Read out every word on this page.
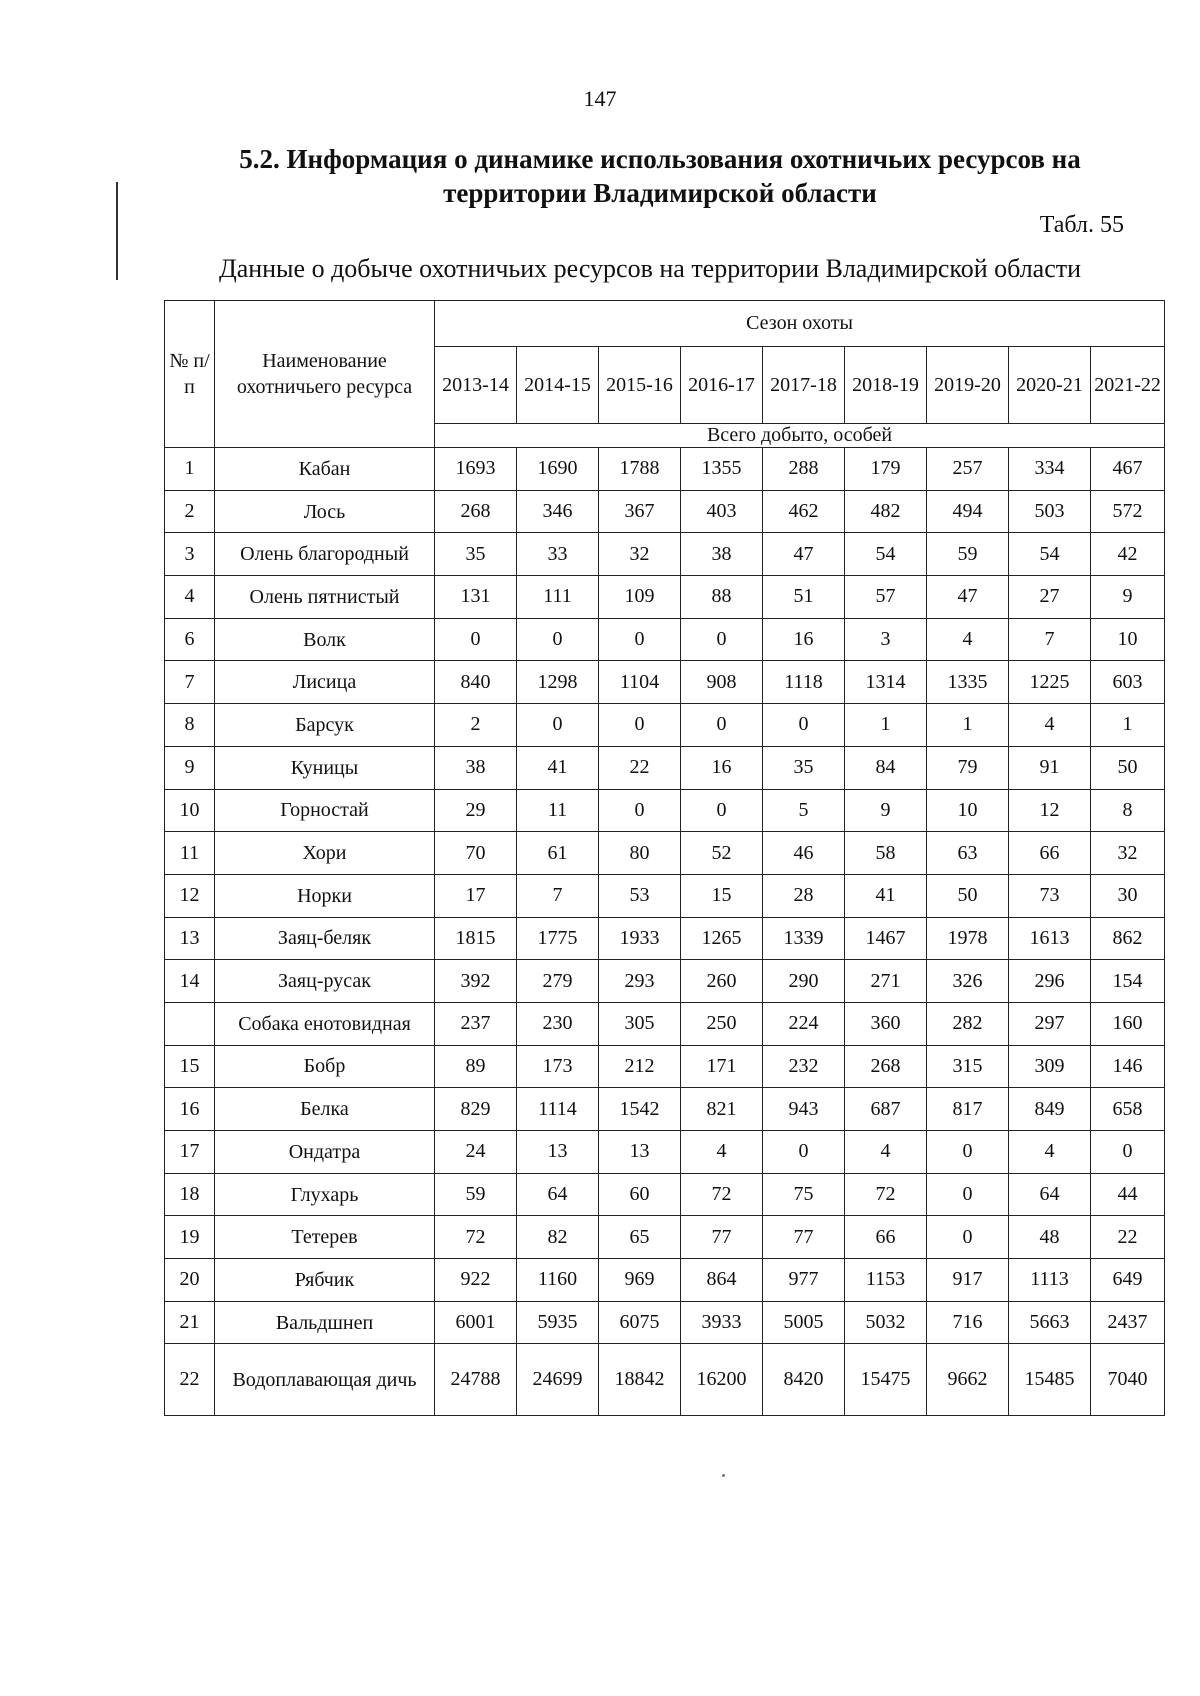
147
5.2. Информация о динамике использования охотничьих ресурсов на территории Владимирской области
Табл. 55
Данные о добыче охотничьих ресурсов на территории Владимирской области
№ п/п	Наименование охотничьего ресурса	Сезон охоты								
		2013-14	2014-15	2015-16	2016-17	2017-18	2018-19	2019-20	2020-21	2021-22
		Всего добыто, особей								
1	Кабан	1693	1690	1788	1355	288	179	257	334	467
2	Лось	268	346	367	403	462	482	494	503	572
3	Олень благородный	35	33	32	38	47	54	59	54	42
4	Олень пятнистый	131	111	109	88	51	57	47	27	9
6	Волк	0	0	0	0	16	3	4	7	10
7	Лисица	840	1298	1104	908	1118	1314	1335	1225	603
8	Барсук	2	0	0	0	0	1	1	4	1
9	Куницы	38	41	22	16	35	84	79	91	50
10	Горностай	29	11	0	0	5	9	10	12	8
11	Хори	70	61	80	52	46	58	63	66	32
12	Норки	17	7	53	15	28	41	50	73	30
13	Заяц-беляк	1815	1775	1933	1265	1339	1467	1978	1613	862
14	Заяц-русак	392	279	293	260	290	271	326	296	154
	Собака енотовидная	237	230	305	250	224	360	282	297	160
15	Бобр	89	173	212	171	232	268	315	309	146
16	Белка	829	1114	1542	821	943	687	817	849	658
17	Ондатра	24	13	13	4	0	4	0	4	0
18	Глухарь	59	64	60	72	75	72	0	64	44
19	Тетерев	72	82	65	77	77	66	0	48	22
20	Рябчик	922	1160	969	864	977	1153	917	1113	649
21	Вальдшнеп	6001	5935	6075	3933	5005	5032	716	5663	2437
22	Водоплавающая дичь	24788	24699	18842	16200	8420	15475	9662	15485	7040
